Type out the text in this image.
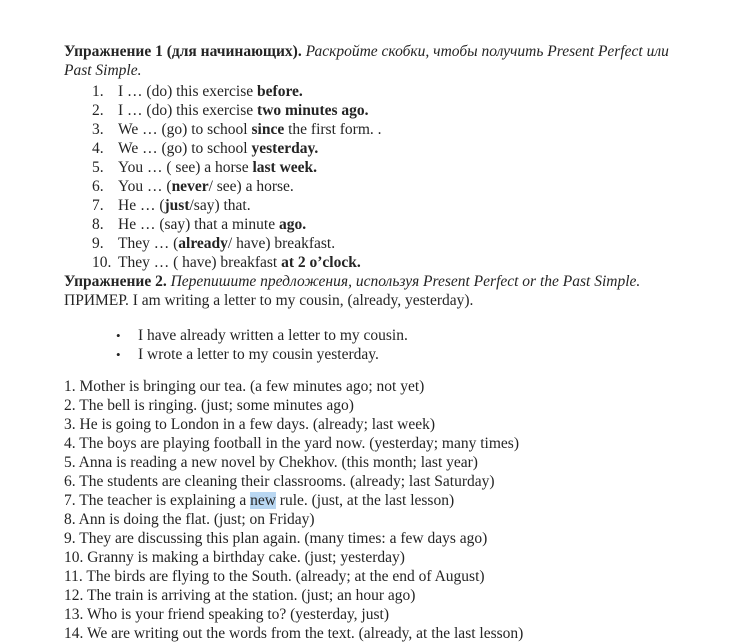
Упражнение 1 (для начинающих). Раскройте скобки, чтобы получить Present Perfect или Past Simple.

1. I … (do) this exercise before.
2. I … (do) this exercise two minutes ago.
3. We … (go) to school since the first form. .
4. We … (go) to school yesterday.
5. You … ( see) a horse last week.
6. You … (never/ see) a horse.
7. He … (just/say) that.
8. He … (say) that a minute ago.
9. They … (already/ have) breakfast.
10. They … ( have) breakfast at 2 o’clock.

Упражнение 2. Перепишите предложения, используя Present Perfect or the Past Simple.

ПРИМЕР. I am writing a letter to my cousin, (already, yesterday).

•	I have already written a letter to my cousin.
•	I wrote a letter to my cousin yesterday.
1. Mother is bringing our tea. (a few minutes ago; not yet)
2. The bell is ringing. (just; some minutes ago)
3. He is going to London in a few days. (already; last week)
4. The boys are playing football in the yard now. (yesterday; many times)
5. Anna is reading a new novel by Chekhov. (this month; last year)
6. The students are cleaning their classrooms. (already; last Saturday)
7. The teacher is explaining a new rule. (just, at the last lesson)
8. Ann is doing the flat. (just; on Friday)
9. They are discussing this plan again. (many times: a few days ago)
10. Granny is making a birthday cake. (just; yesterday)
11. The birds are flying to the South. (already; at the end of August)
12. The train is arriving at the station. (just; an hour ago)
13. Who is your friend speaking to? (yesterday, just)
14. We are writing out the words from the text. (already, at the last lesson)
